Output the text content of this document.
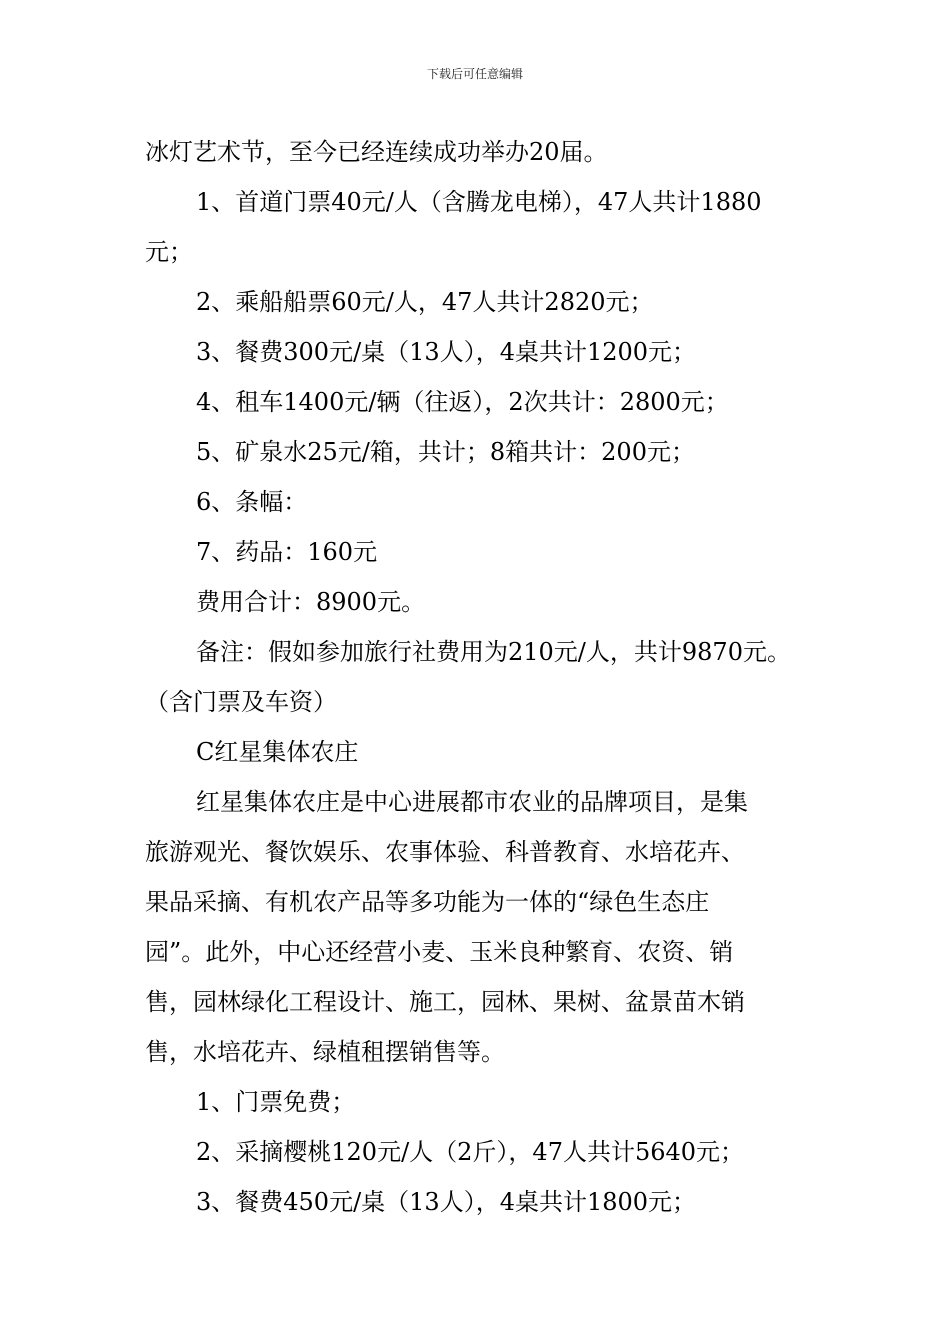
下载后可任意编辑
冰灯艺术节，至今已经连续成功举办20届。
1、首道门票40元/人（含腾龙电梯），47人共计1880
元；
2、乘船船票60元/人，47人共计2820元；
3、餐费300元/桌（13人），4桌共计1200元；
4、租车1400元/辆（往返），2次共计：2800元；
5、矿泉水25元/箱，共计；8箱共计：200元；
6、条幅：
7、药品：160元
费用合计：8900元。
备注：假如参加旅行社费用为210元/人，共计9870元。
（含门票及车资）
C红星集体农庄
红星集体农庄是中心进展都市农业的品牌项目，是集
旅游观光、餐饮娱乐、农事体验、科普教育、水培花卉、
果品采摘、有机农产品等多功能为一体的“绿色生态庄
园”。此外，中心还经营小麦、玉米良种繁育、农资、销
售，园林绿化工程设计、施工，园林、果树、盆景苗木销
售，水培花卉、绿植租摆销售等。
1、门票免费；
2、采摘樱桃120元/人（2斤），47人共计5640元；
3、餐费450元/桌（13人），4桌共计1800元；
